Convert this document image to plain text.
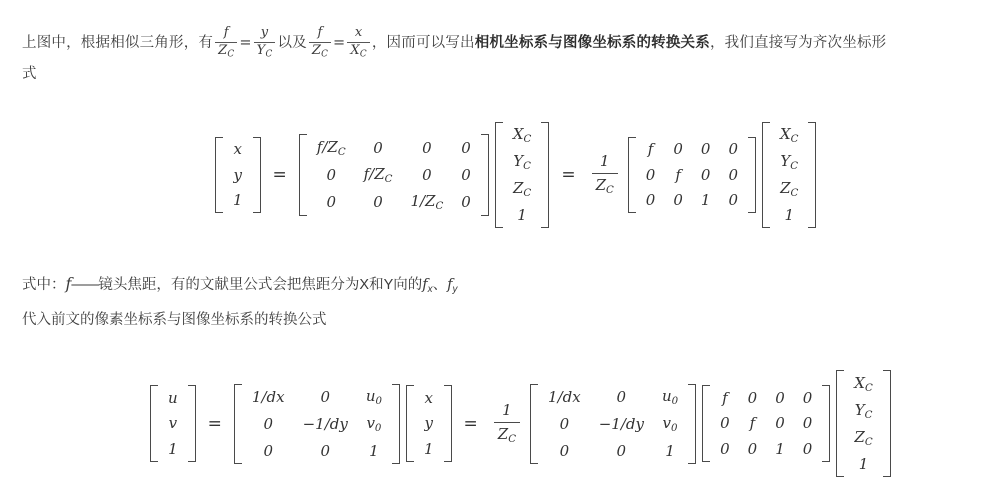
上图中，根据相似三角形，有 $\frac{f}{Z_C} = \frac{y}{Y_C}$ 以及 $\frac{f}{Z_C} = \frac{x}{X_C}$ ，因而可以写出相机坐标系与图像坐标系的转换关系，我们直接写为齐次坐标形
式
x
y
1
=
$f/Z_C$	0	0	0
0	$f/Z_C$	0	0
0	0	$1/Z_C$	0
$X_C$
$Y_C$
$Z_C$
1
= $\frac{1}{Z_C}$
f	0	0	0
0	f	0	0
0	0	1	0
$X_C$
$Y_C$
$Z_C$
1
式中：f——镜头焦距，有的文献里公式会把焦距分为X和Y向的$f_x$、$f_y$
代入前文的像素坐标系与图像坐标系的转换公式
u
v
1
=
1/dx	0	$u_0$
0	−1/dy	$v_0$
0	0	1
x
y
1
= $\frac{1}{Z_C}$
1/dx	0	$u_0$
0	−1/dy	$v_0$
0	0	1
f	0	0	0
0	f	0	0
0	0	1	0
$X_C$
$Y_C$
$Z_C$
1
